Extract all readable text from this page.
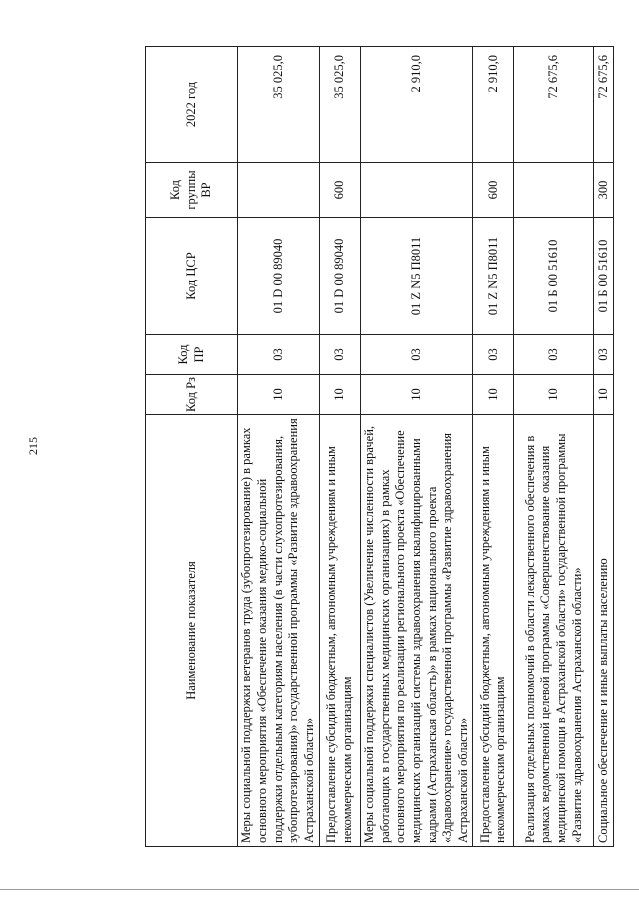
215
Наименование показателя	Код Рз	Код ПР	Код ЦСР	Код группы ВР	2022 год
Меры социальной поддержки ветеранов труда (зубопротезирование) в рамках основного мероприятия «Обеспечение оказания медико-социальной поддержки отдельным категориям населения (в части слухопротезирования, зубопротезирования)» государственной программы «Развитие здравоохранения Астраханской области»	10	03	01 D 00 89040		35 025,0
Предоставление субсидий бюджетным, автономным учреждениям и иным некоммерческим организациям	10	03	01 D 00 89040	600	35 025,0
Меры социальной поддержки специалистов (Увеличение численности врачей, работающих в государственных медицинских организациях) в рамках основного мероприятия по реализации регионального проекта «Обеспечение медицинских организаций системы здравоохранения квалифицированными кадрами (Астраханская область)» в рамках национального проекта «Здравоохранение» государственной программы «Развитие здравоохранения Астраханской области»	10	03	01 Z N5 П8011		2 910,0
Предоставление субсидий бюджетным, автономным учреждениям и иным некоммерческим организациям	10	03	01 Z N5 П8011	600	2 910,0
Реализация отдельных полномочий в области лекарственного обеспечения в рамках ведомственной целевой программы «Совершенствование оказания медицинской помощи в Астраханской области» государственной программы «Развитие здравоохранения Астраханской области»	10	03	01 Б 00 51610		72 675,6
Социальное обеспечение и иные выплаты населению	10	03	01 Б 00 51610	300	72 675,6
